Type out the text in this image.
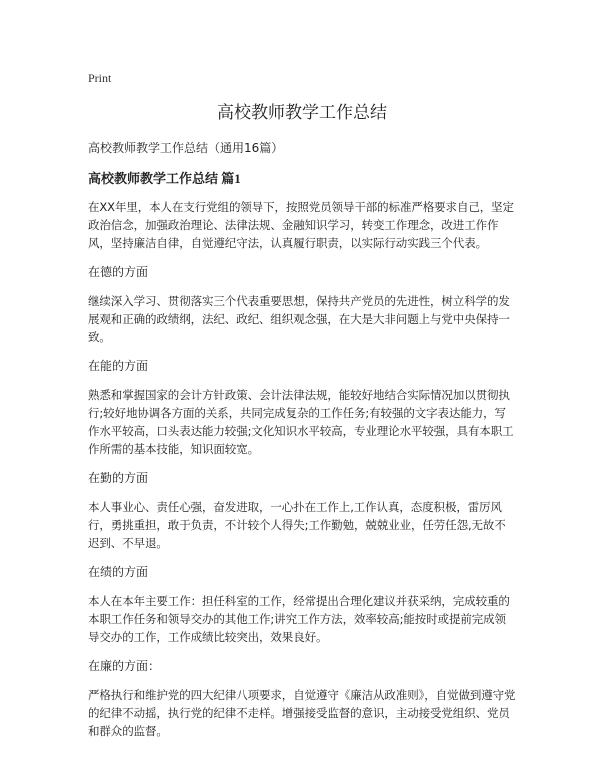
Print
高校教师教学工作总结
高校教师教学工作总结（通用16篇）
高校教师教学工作总结 篇1

在XX年里，本人在支行党组的领导下，按照党员领导干部的标准严格要求自己，坚定政治信念，加强政治理论、法律法规、金融知识学习，转变工作理念，改进工作作风，坚持廉洁自律，自觉遵纪守法，认真履行职责，以实际行动实践三个代表。

在德的方面

继续深入学习、贯彻落实三个代表重要思想，保持共产党员的先进性，树立科学的发展观和正确的政绩纲，法纪、政纪、组织观念强，在大是大非问题上与党中央保持一致。

在能的方面

熟悉和掌握国家的会计方针政策、会计法律法规，能较好地结合实际情况加以贯彻执行;较好地协调各方面的关系，共同完成复杂的工作任务;有较强的文字表达能力，写作水平较高，口头表达能力较强;文化知识水平较高，专业理论水平较强，具有本职工作所需的基本技能，知识面较宽。

在勤的方面

本人事业心、责任心强，奋发进取，一心扑在工作上,工作认真，态度积极，雷厉风行，勇挑重担，敢于负责，不计较个人得失;工作勤勉，兢兢业业，任劳任怨,无故不迟到、不早退。

在绩的方面

本人在本年主要工作：担任科室的工作，经常提出合理化建议并获采纳，完成较重的本职工作任务和领导交办的其他工作;讲究工作方法，效率较高;能按时或提前完成领导交办的工作，工作成绩比较突出，效果良好。

在廉的方面：

严格执行和维护党的四大纪律八项要求，自觉遵守《廉洁从政准则》，自觉做到遵守党的纪律不动摇，执行党的纪律不走样。增强接受监督的意识，主动接受党组织、党员和群众的监督。
